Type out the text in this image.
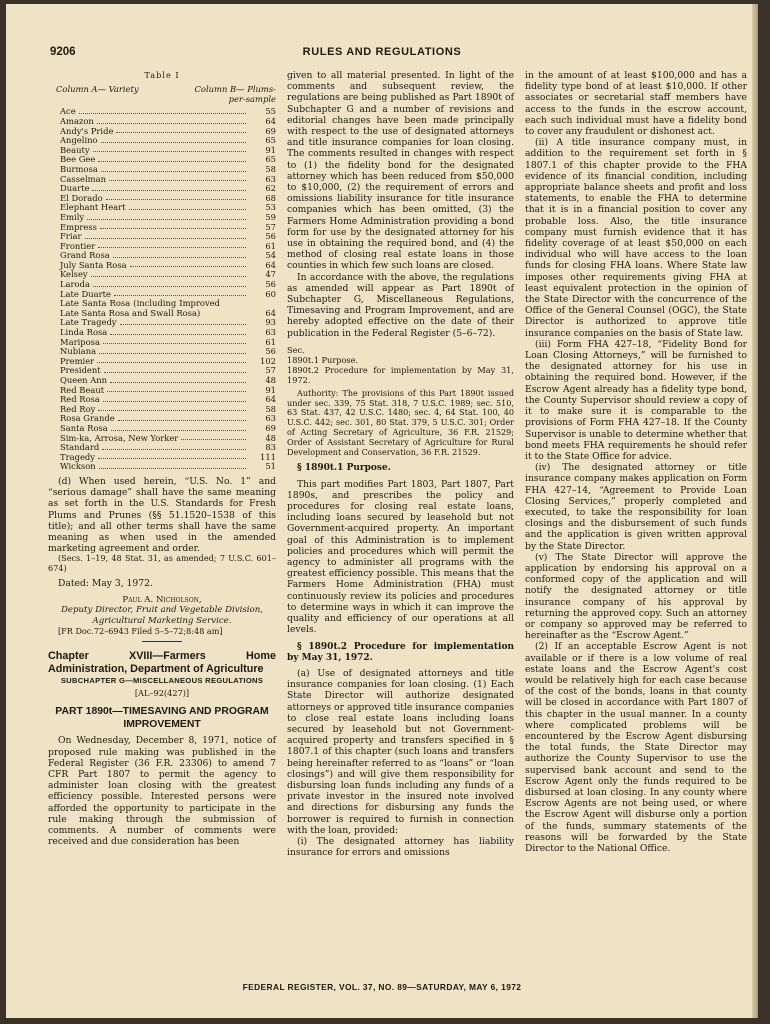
9206	RULES AND REGULATIONS
Table I
Column A— Variety	Column B— Plums-per-sample
Ace	55
Amazon	64
Andy's Pride	69
Angelino	65
Beauty	91
Bee Gee	65
Burmosa	58
Casselman	63
Duarte	62
El Dorado	68
Elephant Heart	53
Emily	59
Empress	57
Friar	56
Frontier	61
Grand Rosa	54
July Santa Rosa	64
Kelsey	47
Laroda	56
Late Duarte	60
Late Santa Rosa (including Improved Late Santa Rosa and Swall Rosa)	64
Late Tragedy	93
Linda Rosa	63
Mariposa	61
Nubiana	56
Premier	102
President	57
Queen Ann	48
Red Beaut	91
Red Rosa	64
Red Roy	58
Rosa Grande	63
Santa Rosa	69
Sim-ka, Arrosa, New Yorker	48
Standard	83
Tragedy	111
Wickson	51

(d) When used herein, “U.S. No. 1” and “serious damage” shall have the same meaning as set forth in the U.S. Standards for Fresh Plums and Prunes (§§ 51.1520–1538 of this title); and all other terms shall have the same meaning as when used in the amended marketing agreement and order.

(Secs. 1–19, 48 Stat. 31, as amended; 7 U.S.C. 601–674)

Dated: May 3, 1972.

Paul A. Nicholson,
Deputy Director, Fruit and Vegetable Division, Agricultural Marketing Service.

[FR Doc.72–6943 Filed 5–5–72;8:48 am]

Chapter XVIII—Farmers Home Administration, Department of Agriculture

SUBCHAPTER G—MISCELLANEOUS REGULATIONS
[AL–92(427)]
PART 1890t—TIMESAVING AND PROGRAM IMPROVEMENT

On Wednesday, December 8, 1971, notice of proposed rule making was published in the Federal Register (36 F.R. 23306) to amend 7 CFR Part 1807 to permit the agency to administer loan closing with the greatest efficiency possible. Interested persons were afforded the opportunity to participate in the rule making through the submission of comments. A number of comments were received and due consideration has been

given to all material presented. In light of the comments and subsequent review, the regulations are being published as Part 1890t of Subchapter G and a number of revisions and editorial changes have been made principally with respect to the use of designated attorneys and title insurance companies for loan closing. The comments resulted in changes with respect to (1) the fidelity bond for the designated attorney which has been reduced from $50,000 to $10,000, (2) the requirement of errors and omissions liability insurance for title insurance companies which has been omitted, (3) the Farmers Home Administration providing a bond form for use by the designated attorney for his use in obtaining the required bond, and (4) the method of closing real estate loans in those counties in which few such loans are closed.

In accordance with the above, the regulations as amended will appear as Part 1890t of Subchapter G, Miscellaneous Regulations, Timesaving and Program Improvement, and are hereby adopted effective on the date of their publication in the Federal Register (5–6–72).

Sec.
1890t.1 Purpose.
1890t.2 Procedure for implementation by May 31, 1972.

Authority: The provisions of this Part 1890t issued under sec. 339, 75 Stat. 318, 7 U.S.C. 1989; sec. 510, 63 Stat. 437, 42 U.S.C. 1480; sec. 4, 64 Stat. 100, 40 U.S.C. 442; sec. 301, 80 Stat. 379, 5 U.S.C. 301; Order of Acting Secretary of Agriculture, 36 F.R. 21529; Order of Assistant Secretary of Agriculture for Rural Development and Conservation, 36 F.R. 21529.

§ 1890t.1 Purpose.

This part modifies Part 1803, Part 1807, Part 1890s, and prescribes the policy and procedures for closing real estate loans, including loans secured by leasehold but not Government-acquired property. An important goal of this Administration is to implement policies and procedures which will permit the agency to administer all programs with the greatest efficiency possible. This means that the Farmers Home Administration (FHA) must continuously review its policies and procedures to determine ways in which it can improve the quality and efficiency of our operations at all levels.

§ 1890t.2 Procedure for implementation by May 31, 1972.

(a) Use of designated attorneys and title insurance companies for loan closing. (1) Each State Director will authorize designated attorneys or approved title insurance companies to close real estate loans including loans secured by leasehold but not Government-acquired property and transfers specified in § 1807.1 of this chapter (such loans and transfers being hereinafter referred to as “loans” or “loan closings”) and will give them responsibility for disbursing loan funds including any funds of a private investor in the insured note involved and directions for disbursing any funds the borrower is required to furnish in connection with the loan, provided:

(i) The designated attorney has liability insurance for errors and omissions

in the amount of at least $100,000 and has a fidelity type bond of at least $10,000. If other associates or secretarial staff members have access to the funds in the escrow account, each such individual must have a fidelity bond to cover any fraudulent or dishonest act.

(ii) A title insurance company must, in addition to the requirement set forth in § 1807.1 of this chapter provide to the FHA evidence of its financial condition, including appropriate balance sheets and profit and loss statements, to enable the FHA to determine that it is in a financial position to cover any probable loss. Also, the title insurance company must furnish evidence that it has fidelity coverage of at least $50,000 on each individual who will have access to the loan funds for closing FHA loans. Where State law imposes other requirements giving FHA at least equivalent protection in the opinion of the State Director with the concurrence of the Office of the General Counsel (OGC), the State Director is authorized to approve title insurance companies on the basis of State law.

(iii) Form FHA 427–18, “Fidelity Bond for Loan Closing Attorneys,” will be furnished to the designated attorney for his use in obtaining the required bond. However, if the Escrow Agent already has a fidelity type bond, the County Supervisor should review a copy of it to make sure it is comparable to the provisions of Form FHA 427–18. If the County Supervisor is unable to determine whether that bond meets FHA requirements he should refer it to the State Office for advice.

(iv) The designated attorney or title insurance company makes application on Form FHA 427–14, “Agreement to Provide Loan Closing Services,” properly completed and executed, to take the responsibility for loan closings and the disbursement of such funds and the application is given written approval by the State Director.

(v) The State Director will approve the application by endorsing his approval on a conformed copy of the application and will notify the designated attorney or title insurance company of his approval by returning the approved copy. Such an attorney or company so approved may be referred to hereinafter as the “Escrow Agent.”

(2) If an acceptable Escrow Agent is not available or if there is a low volume of real estate loans and the Escrow Agent's cost would be relatively high for each case because of the cost of the bonds, loans in that county will be closed in accordance with Part 1807 of this chapter in the usual manner. In a county where complicated problems will be encountered by the Escrow Agent disbursing the total funds, the State Director may authorize the County Supervisor to use the supervised bank account and send to the Escrow Agent only the funds required to be disbursed at loan closing. In any county where Escrow Agents are not being used, or where the Escrow Agent will disburse only a portion of the funds, summary statements of the reasons will be forwarded by the State Director to the National Office.

FEDERAL REGISTER, VOL. 37, NO. 89—SATURDAY, MAY 6, 1972
